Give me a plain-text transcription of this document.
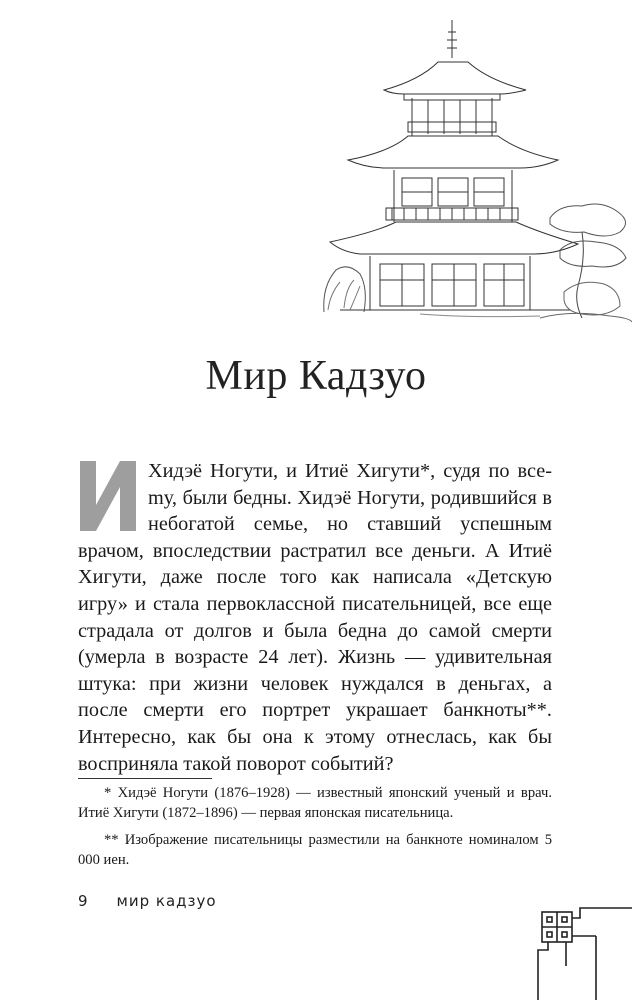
Мир Кадзуо
Хидэё Ногути, и Итиё Хигути*, судя по всеmу, были бедны. Хидэё Ногути, родившийся в небогатой семье, но ставший успешным врачом, впоследствии растратил все деньги. А Итиё Хигути, даже после того как написала «Детскую игру» и стала первоклассной писательницей, все еще страдала от долгов и была бедна до самой смерти (умерла в возрасте 24 лет). Жизнь — удивительная штука: при жизни человек нуждался в деньгах, а после смерти его портрет украшает банкноты**. Интересно, как бы она к этому отнеслась, как бы восприняла такой поворот событий?

* Хидэё Ногути (1876–1928) — известный японский ученый и врач. Итиё Хигути (1872–1896) — первая японская писательница.

** Изображение писательницы разместили на банкноте номиналом 5 000 иен.

9 мир кадзуо
